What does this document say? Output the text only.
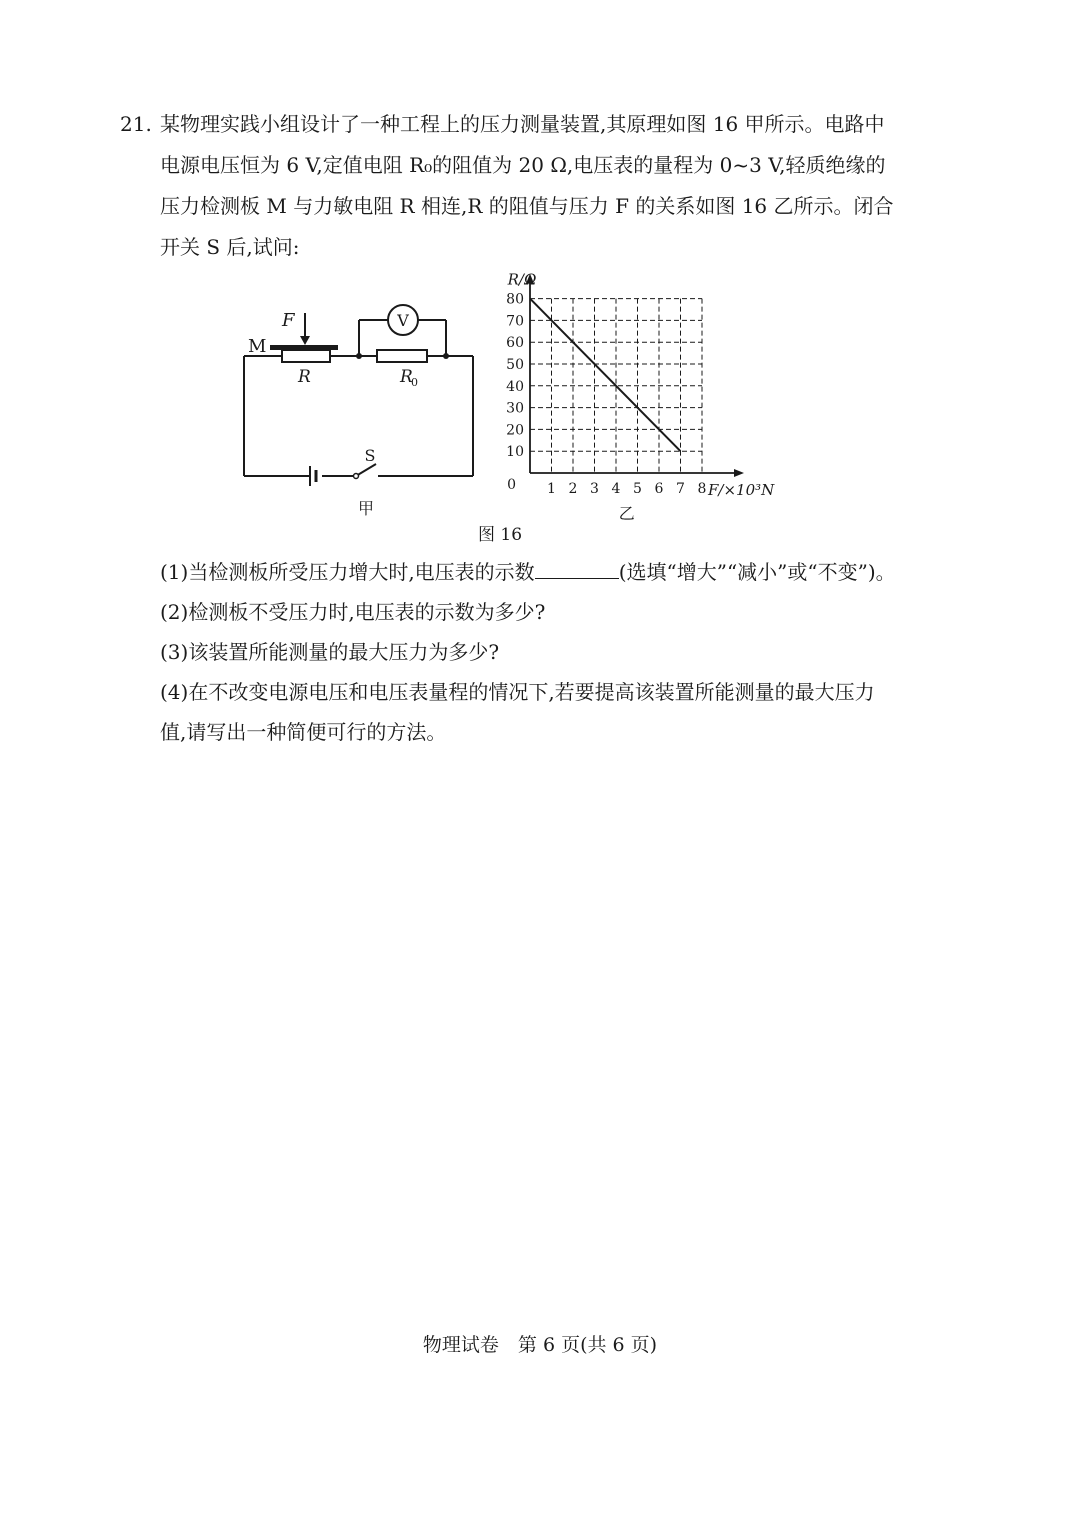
21. 某物理实践小组设计了一种工程上的压力测量装置,其原理如图 16 甲所示。电路中
电源电压恒为 6 V,定值电阻 R₀的阻值为 20 Ω,电压表的量程为 0~3 V,轻质绝缘的
压力检测板 M 与力敏电阻 R 相连,R 的阻值与压力 F 的关系如图 16 乙所示。闭合
开关 S 后,试问:
F
M
R	R
0
V
S
甲
1 2 3 4 5 6 7 8
10
20
30
40
50
60
70
80
0
R/Ω
F/×10³N
乙
图 16
(1)当检测板所受压力增大时,电压表的示数	(选填“增大”“减小”或“不变”)。
(2)检测板不受压力时,电压表的示数为多少?
(3)该装置所能测量的最大压力为多少?
(4)在不改变电源电压和电压表量程的情况下,若要提高该装置所能测量的最大压力
值,请写出一种简便可行的方法。
物理试卷　第 6 页(共 6 页)
